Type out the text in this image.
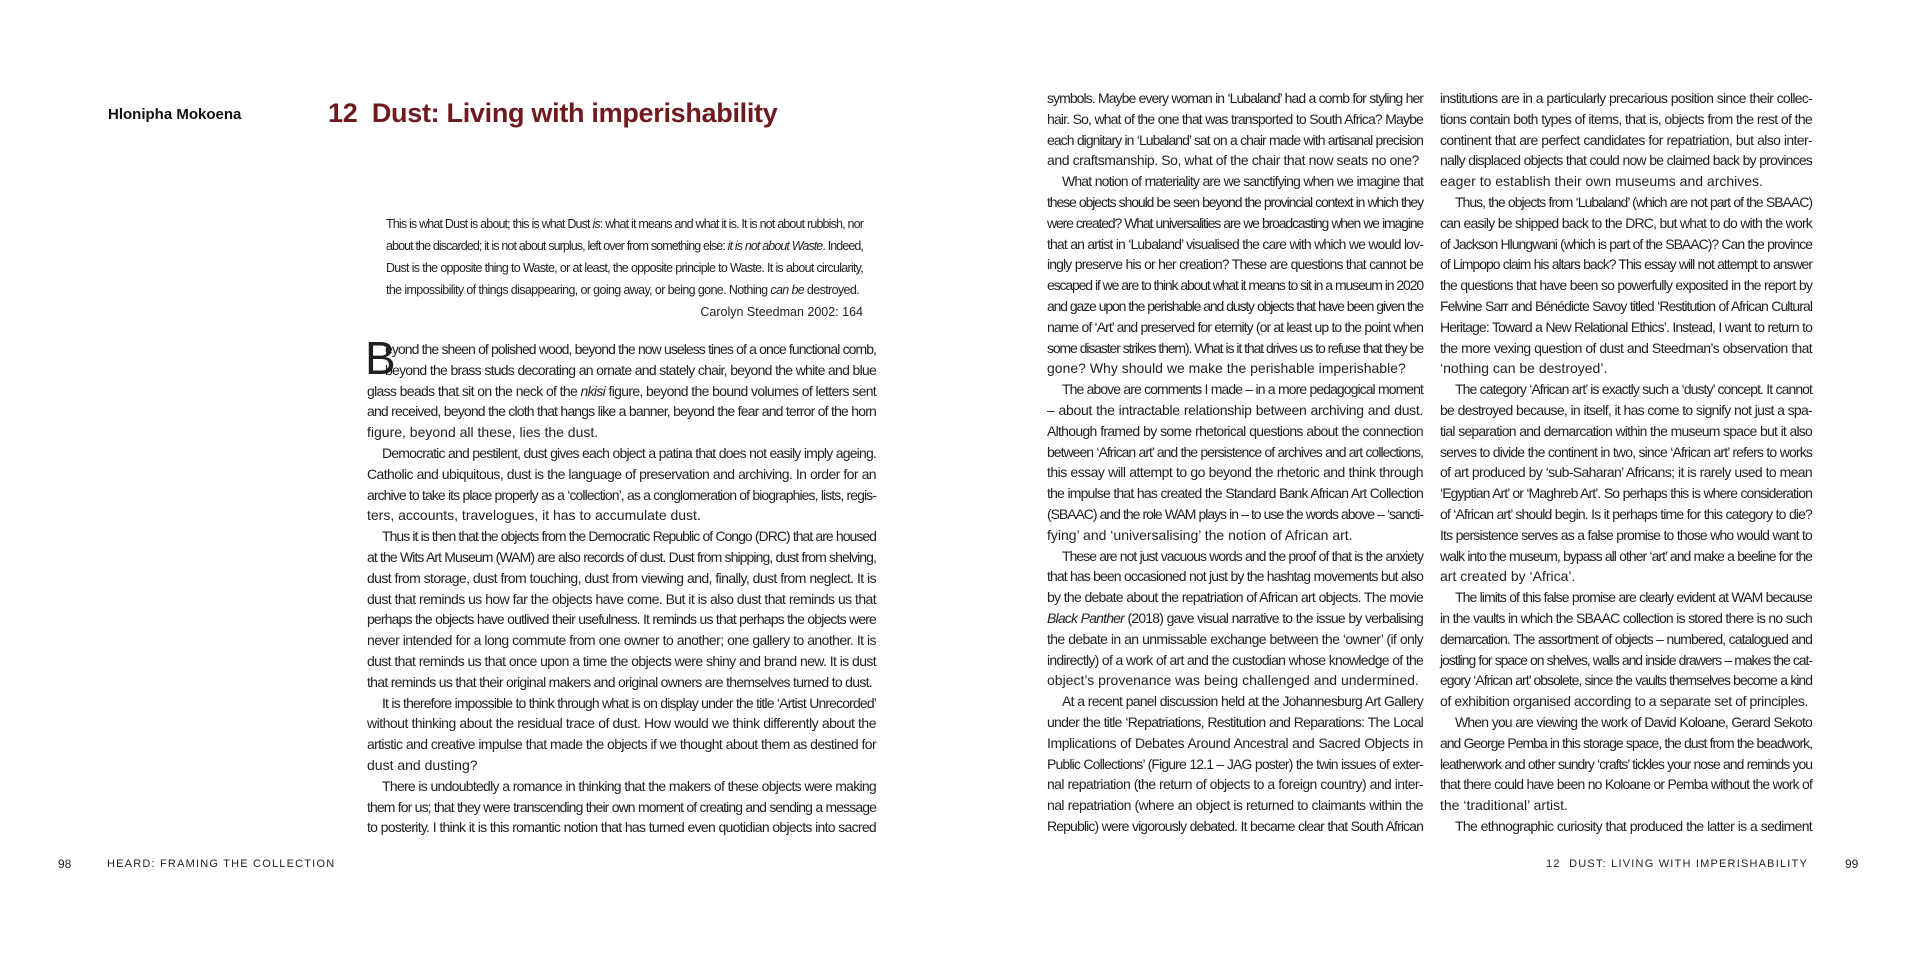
Hlonipha Mokoena	12  Dust: Living with imperishability
This is what Dust is about; this is what Dust is: what it means and what it is. It is not about rubbish, nor
about the discarded; it is not about surplus, left over from something else: it is not about Waste. Indeed,
Dust is the opposite thing to Waste, or at least, the opposite principle to Waste. It is about circularity,
the impossibility of things disappearing, or going away, or being gone. Nothing can be destroyed.
Carolyn Steedman 2002: 164
B
eyond the sheen of polished wood, beyond the now useless tines of a once functional comb,
beyond the brass studs decorating an ornate and stately chair, beyond the white and blue
glass beads that sit on the neck of the nkisi figure, beyond the bound volumes of letters sent
and received, beyond the cloth that hangs like a banner, beyond the fear and terror of the horn
figure, beyond all these, lies the dust.
Democratic and pestilent, dust gives each object a patina that does not easily imply ageing.
Catholic and ubiquitous, dust is the language of preservation and archiving. In order for an
archive to take its place properly as a ‘collection’, as a conglomeration of biographies, lists, regis-
ters, accounts, travelogues, it has to accumulate dust.
Thus it is then that the objects from the Democratic Republic of Congo (DRC) that are housed
at the Wits Art Museum (WAM) are also records of dust. Dust from shipping, dust from shelving,
dust from storage, dust from touching, dust from viewing and, finally, dust from neglect. It is
dust that reminds us how far the objects have come. But it is also dust that reminds us that
perhaps the objects have outlived their usefulness. It reminds us that perhaps the objects were
never intended for a long commute from one owner to another; one gallery to another. It is
dust that reminds us that once upon a time the objects were shiny and brand new. It is dust
that reminds us that their original makers and original owners are themselves turned to dust.
It is therefore impossible to think through what is on display under the title ‘Artist Unrecorded’
without thinking about the residual trace of dust. How would we think differently about the
artistic and creative impulse that made the objects if we thought about them as destined for
dust and dusting?
There is undoubtedly a romance in thinking that the makers of these objects were making
them for us; that they were transcending their own moment of creating and sending a message
to posterity. I think it is this romantic notion that has turned even quotidian objects into sacred
98	HEARD: FRAMING THE COLLECTION
symbols. Maybe every woman in ‘Lubaland’ had a comb for styling her
hair. So, what of the one that was transported to South Africa? Maybe
each dignitary in ‘Lubaland’ sat on a chair made with artisanal precision
and craftsmanship. So, what of the chair that now seats no one?
What notion of materiality are we sanctifying when we imagine that
these objects should be seen beyond the provincial context in which they
were created? What universalities are we broadcasting when we imagine
that an artist in ‘Lubaland’ visualised the care with which we would lov-
ingly preserve his or her creation? These are questions that cannot be
escaped if we are to think about what it means to sit in a museum in 2020
and gaze upon the perishable and dusty objects that have been given the
name of ‘Art’ and preserved for eternity (or at least up to the point when
some disaster strikes them). What is it that drives us to refuse that they be
gone? Why should we make the perishable imperishable?
The above are comments I made – in a more pedagogical moment
– about the intractable relationship between archiving and dust.
Although framed by some rhetorical questions about the connection
between ‘African art’ and the persistence of archives and art collections,
this essay will attempt to go beyond the rhetoric and think through
the impulse that has created the Standard Bank African Art Collection
(SBAAC) and the role WAM plays in – to use the words above – ‘sancti-
fying’ and ‘universalising’ the notion of African art.
These are not just vacuous words and the proof of that is the anxiety
that has been occasioned not just by the hashtag movements but also
by the debate about the repatriation of African art objects. The movie
Black Panther (2018) gave visual narrative to the issue by verbalising
the debate in an unmissable exchange between the ‘owner’ (if only
indirectly) of a work of art and the custodian whose knowledge of the
object’s provenance was being challenged and undermined.
At a recent panel discussion held at the Johannesburg Art Gallery
under the title ‘Repatriations, Restitution and Reparations: The Local
Implications of Debates Around Ancestral and Sacred Objects in
Public Collections’ (Figure 12.1 – JAG poster) the twin issues of exter-
nal repatriation (the return of objects to a foreign country) and inter-
nal repatriation (where an object is returned to claimants within the
Republic) were vigorously debated. It became clear that South African
institutions are in a particularly precarious position since their collec-
tions contain both types of items, that is, objects from the rest of the
continent that are perfect candidates for repatriation, but also inter-
nally displaced objects that could now be claimed back by provinces
eager to establish their own museums and archives.
Thus, the objects from ‘Lubaland’ (which are not part of the SBAAC)
can easily be shipped back to the DRC, but what to do with the work
of Jackson Hlungwani (which is part of the SBAAC)? Can the province
of Limpopo claim his altars back? This essay will not attempt to answer
the questions that have been so powerfully exposited in the report by
Felwine Sarr and Bénédicte Savoy titled ‘Restitution of African Cultural
Heritage: Toward a New Relational Ethics’. Instead, I want to return to
the more vexing question of dust and Steedman’s observation that
‘nothing can be destroyed’.
The category ‘African art’ is exactly such a ‘dusty’ concept. It cannot
be destroyed because, in itself, it has come to signify not just a spa-
tial separation and demarcation within the museum space but it also
serves to divide the continent in two, since ‘African art’ refers to works
of art produced by ‘sub-Saharan’ Africans; it is rarely used to mean
‘Egyptian Art’ or ‘Maghreb Art’. So perhaps this is where consideration
of ‘African art’ should begin. Is it perhaps time for this category to die?
Its persistence serves as a false promise to those who would want to
walk into the museum, bypass all other ‘art’ and make a beeline for the
art created by ‘Africa’.
The limits of this false promise are clearly evident at WAM because
in the vaults in which the SBAAC collection is stored there is no such
demarcation. The assortment of objects – numbered, catalogued and
jostling for space on shelves, walls and inside drawers – makes the cat-
egory ‘African art’ obsolete, since the vaults themselves become a kind
of exhibition organised according to a separate set of principles.
When you are viewing the work of David Koloane, Gerard Sekoto
and George Pemba in this storage space, the dust from the beadwork,
leatherwork and other sundry ‘crafts’ tickles your nose and reminds you
that there could have been no Koloane or Pemba without the work of
the ‘traditional’ artist.
The ethnographic curiosity that produced the latter is a sediment
12  DUST: LIVING WITH IMPERISHABILITY	99
